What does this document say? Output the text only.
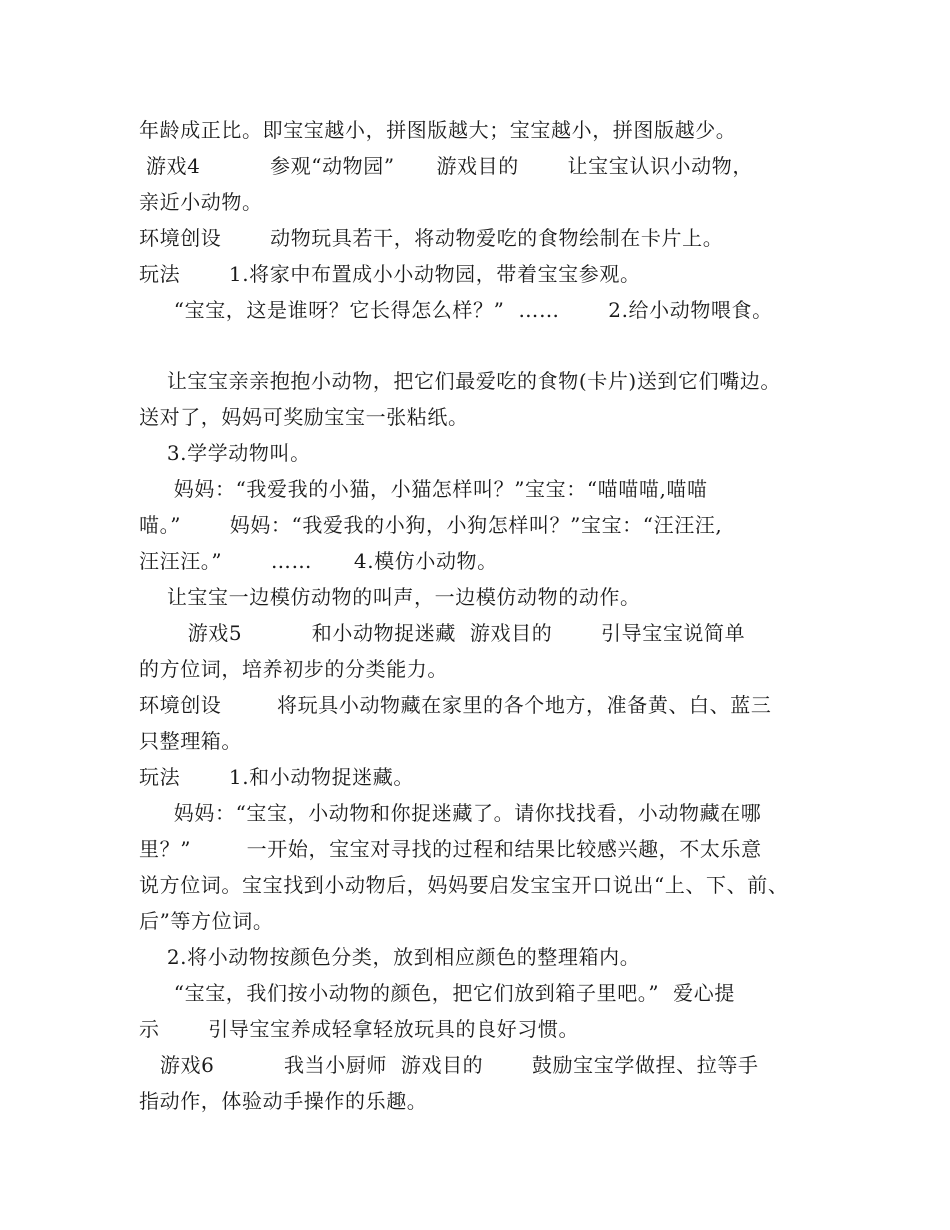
年龄成正比。即宝宝越小，拼图版越大；宝宝越小，拼图版越少。
游戏4          参观“动物园”      游戏目的       让宝宝认识小动物，
亲近小动物。
环境创设       动物玩具若干，将动物爱吃的食物绘制在卡片上。
玩法       1.将家中布置成小小动物园，带着宝宝参观。
“宝宝，这是谁呀？它长得怎么样？”  ……       2.给小动物喂食。
让宝宝亲亲抱抱小动物，把它们最爱吃的食物(卡片)送到它们嘴边。
送对了，妈妈可奖励宝宝一张粘纸。
3.学学动物叫。
妈妈：“我爱我的小猫，小猫怎样叫？”宝宝：“喵喵喵,喵喵
喵。”       妈妈：“我爱我的小狗，小狗怎样叫？”宝宝：“汪汪汪,
汪汪汪。”       ……      4.模仿小动物。
让宝宝一边模仿动物的叫声，一边模仿动物的动作。
游戏5          和小动物捉迷藏  游戏目的       引导宝宝说简单
的方位词，培养初步的分类能力。
环境创设        将玩具小动物藏在家里的各个地方，准备黄、白、蓝三
只整理箱。
玩法       1.和小动物捉迷藏。
妈妈：“宝宝，小动物和你捉迷藏了。请你找找看，小动物藏在哪
里？”        一开始，宝宝对寻找的过程和结果比较感兴趣，不太乐意
说方位词。宝宝找到小动物后，妈妈要启发宝宝开口说出“上、下、前、
后”等方位词。
2.将小动物按颜色分类，放到相应颜色的整理箱内。
“宝宝，我们按小动物的颜色，把它们放到箱子里吧。”  爱心提
示       引导宝宝养成轻拿轻放玩具的良好习惯。
游戏6          我当小厨师  游戏目的       鼓励宝宝学做捏、拉等手
指动作，体验动手操作的乐趣。
